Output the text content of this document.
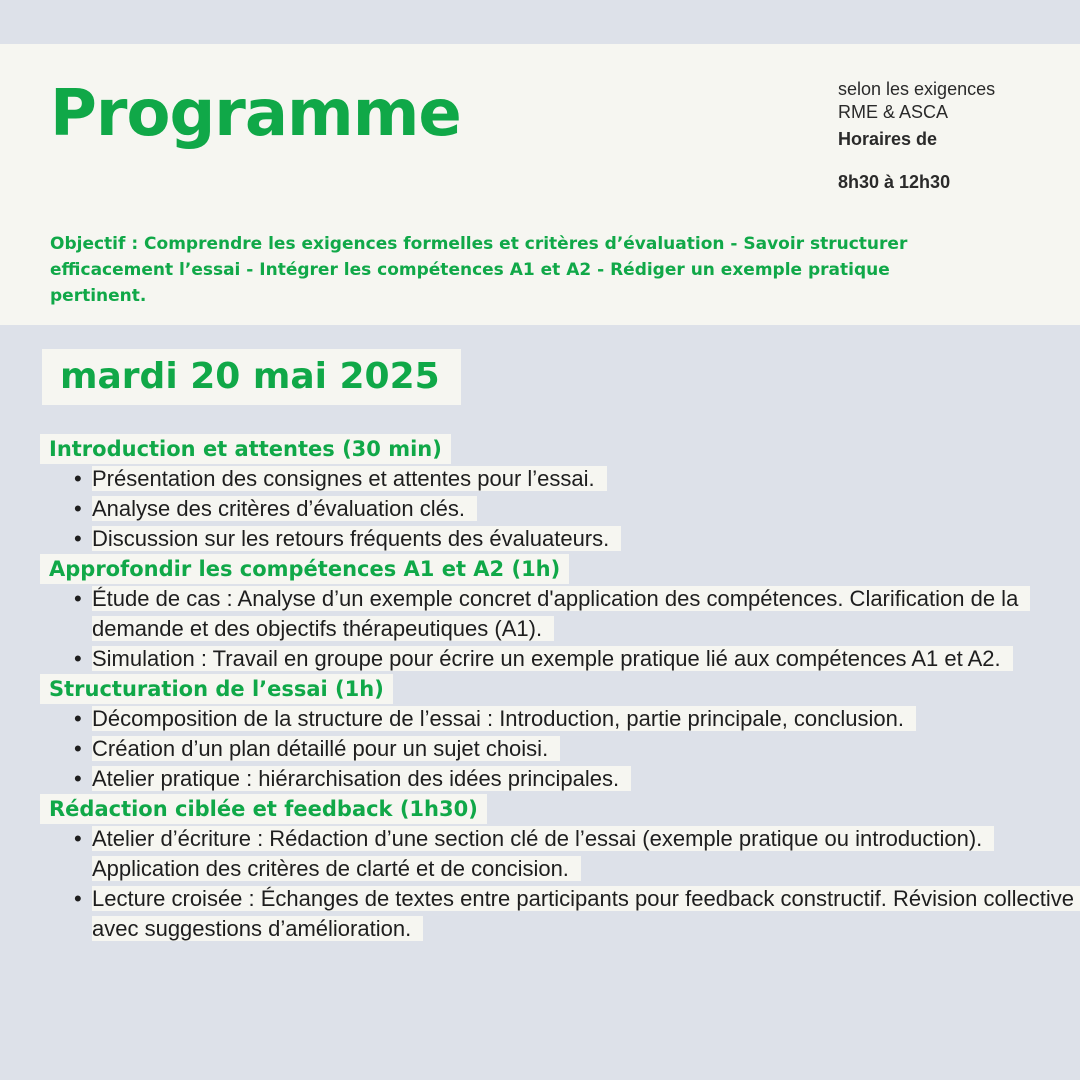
Programme	selon les exigences
RME & ASCA
Horaires de
8h30 à 12h30

Objectif : Comprendre les exigences formelles et critères d’évaluation - Savoir structurer efficacement l’essai - Intégrer les compétences A1 et A2 - Rédiger un exemple pratique pertinent.

mardi 20 mai 2025
Introduction et attentes (30 min)
• Présentation des consignes et attentes pour l’essai.
• Analyse des critères d’évaluation clés.
• Discussion sur les retours fréquents des évaluateurs.
Approfondir les compétences A1 et A2 (1h)
• Étude de cas : Analyse d’un exemple concret d'application des compétences. Clarification de la demande et des objectifs thérapeutiques (A1).
• Simulation : Travail en groupe pour écrire un exemple pratique lié aux compétences A1 et A2.
Structuration de l’essai (1h)
• Décomposition de la structure de l’essai : Introduction, partie principale, conclusion.
• Création d’un plan détaillé pour un sujet choisi.
• Atelier pratique : hiérarchisation des idées principales.
Rédaction ciblée et feedback (1h30)
• Atelier d’écriture : Rédaction d’une section clé de l’essai (exemple pratique ou introduction). Application des critères de clarté et de concision.
• Lecture croisée : Échanges de textes entre participants pour feedback constructif. Révision collective avec suggestions d’amélioration.
